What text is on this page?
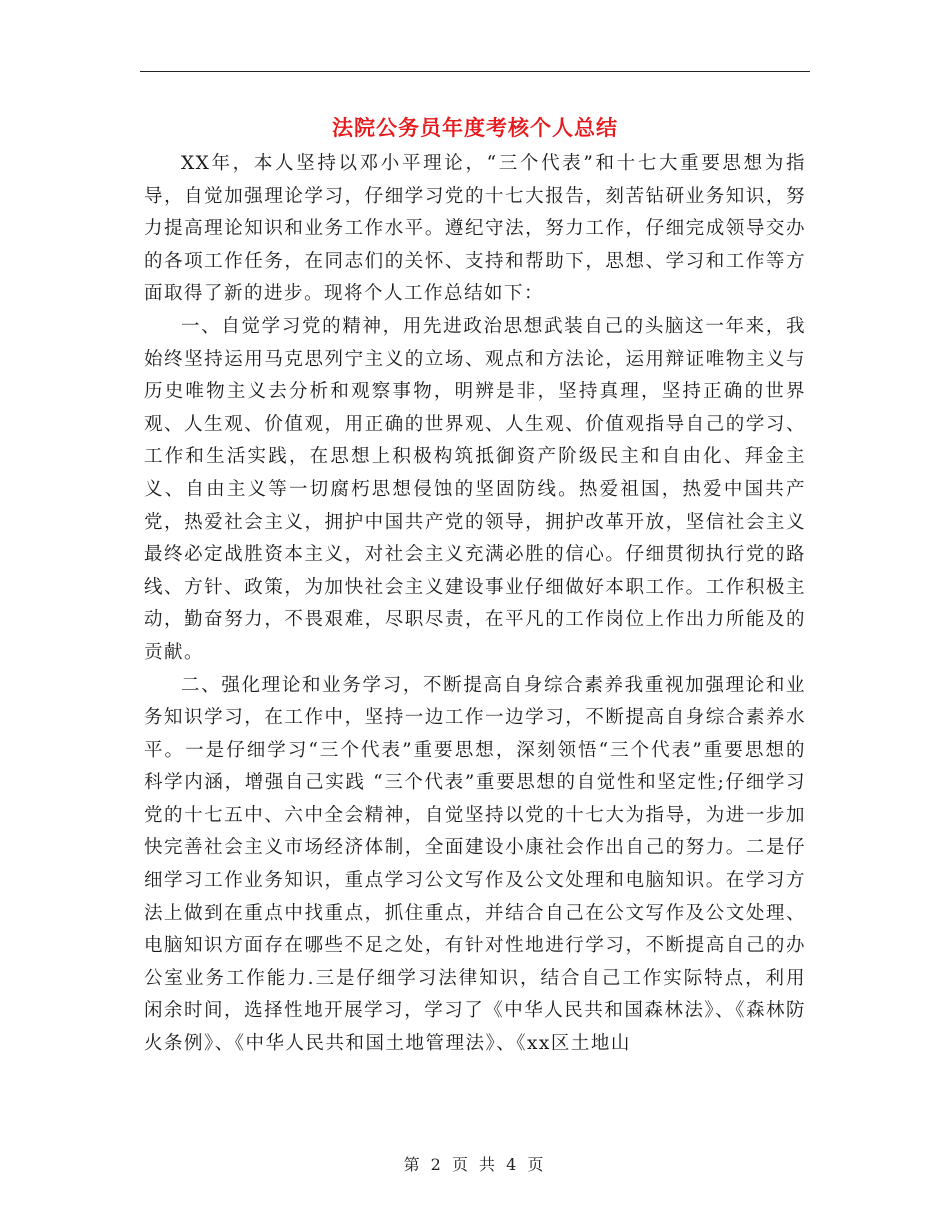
法院公务员年度考核个人总结

XX年，本人坚持以邓小平理论，“三个代表”和十七大重要思想为指导，自觉加强理论学习，仔细学习党的十七大报告，刻苦钻研业务知识，努力提高理论知识和业务工作水平。遵纪守法，努力工作，仔细完成领导交办的各项工作任务，在同志们的关怀、支持和帮助下，思想、学习和工作等方面取得了新的进步。现将个人工作总结如下：

一、自觉学习党的精神，用先进政治思想武装自己的头脑这一年来，我始终坚持运用马克思列宁主义的立场、观点和方法论，运用辩证唯物主义与历史唯物主义去分析和观察事物，明辨是非，坚持真理，坚持正确的世界观、人生观、价值观，用正确的世界观、人生观、价值观指导自己的学习、工作和生活实践，在思想上积极构筑抵御资产阶级民主和自由化、拜金主义、自由主义等一切腐朽思想侵蚀的坚固防线。热爱祖国，热爱中国共产党，热爱社会主义，拥护中国共产党的领导，拥护改革开放，坚信社会主义最终必定战胜资本主义，对社会主义充满必胜的信心。仔细贯彻执行党的路线、方针、政策，为加快社会主义建设事业仔细做好本职工作。工作积极主动，勤奋努力，不畏艰难，尽职尽责，在平凡的工作岗位上作出力所能及的贡献。

二、强化理论和业务学习，不断提高自身综合素养我重视加强理论和业务知识学习，在工作中，坚持一边工作一边学习，不断提高自身综合素养水平。一是仔细学习“三个代表”重要思想，深刻领悟“三个代表”重要思想的科学内涵，增强自己实践 “三个代表”重要思想的自觉性和坚定性;仔细学习党的十七五中、六中全会精神，自觉坚持以党的十七大为指导，为进一步加快完善社会主义市场经济体制，全面建设小康社会作出自己的努力。二是仔细学习工作业务知识，重点学习公文写作及公文处理和电脑知识。在学习方法上做到在重点中找重点，抓住重点，并结合自己在公文写作及公文处理、电脑知识方面存在哪些不足之处，有针对性地进行学习，不断提高自己的办公室业务工作能力.三是仔细学习法律知识，结合自己工作实际特点，利用闲余时间，选择性地开展学习，学习了《中华人民共和国森林法》、《森林防火条例》、《中华人民共和国土地管理法》、《xx区土地山

第 2 页 共 4 页
